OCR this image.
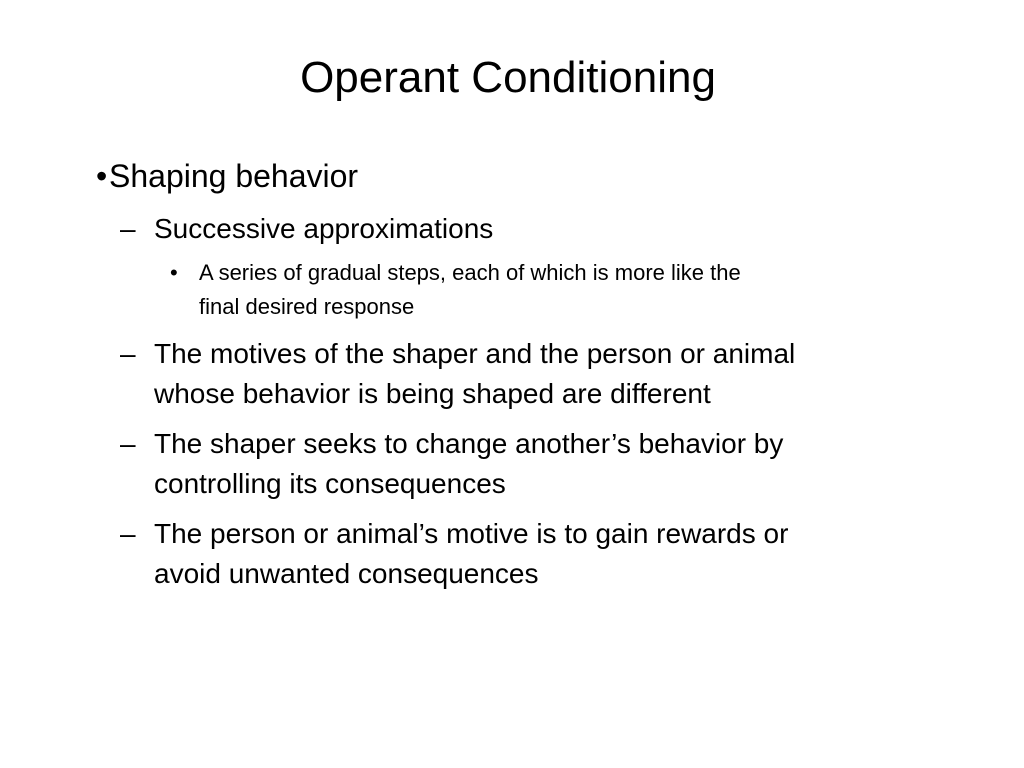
Operant Conditioning
• Shaping behavior
– Successive approximations
• A series of gradual steps, each of which is more like the
final desired response
– The motives of the shaper and the person or animal
whose behavior is being shaped are different
– The shaper seeks to change another’s behavior by
controlling its consequences
– The person or animal’s motive is to gain rewards or
avoid unwanted consequences
